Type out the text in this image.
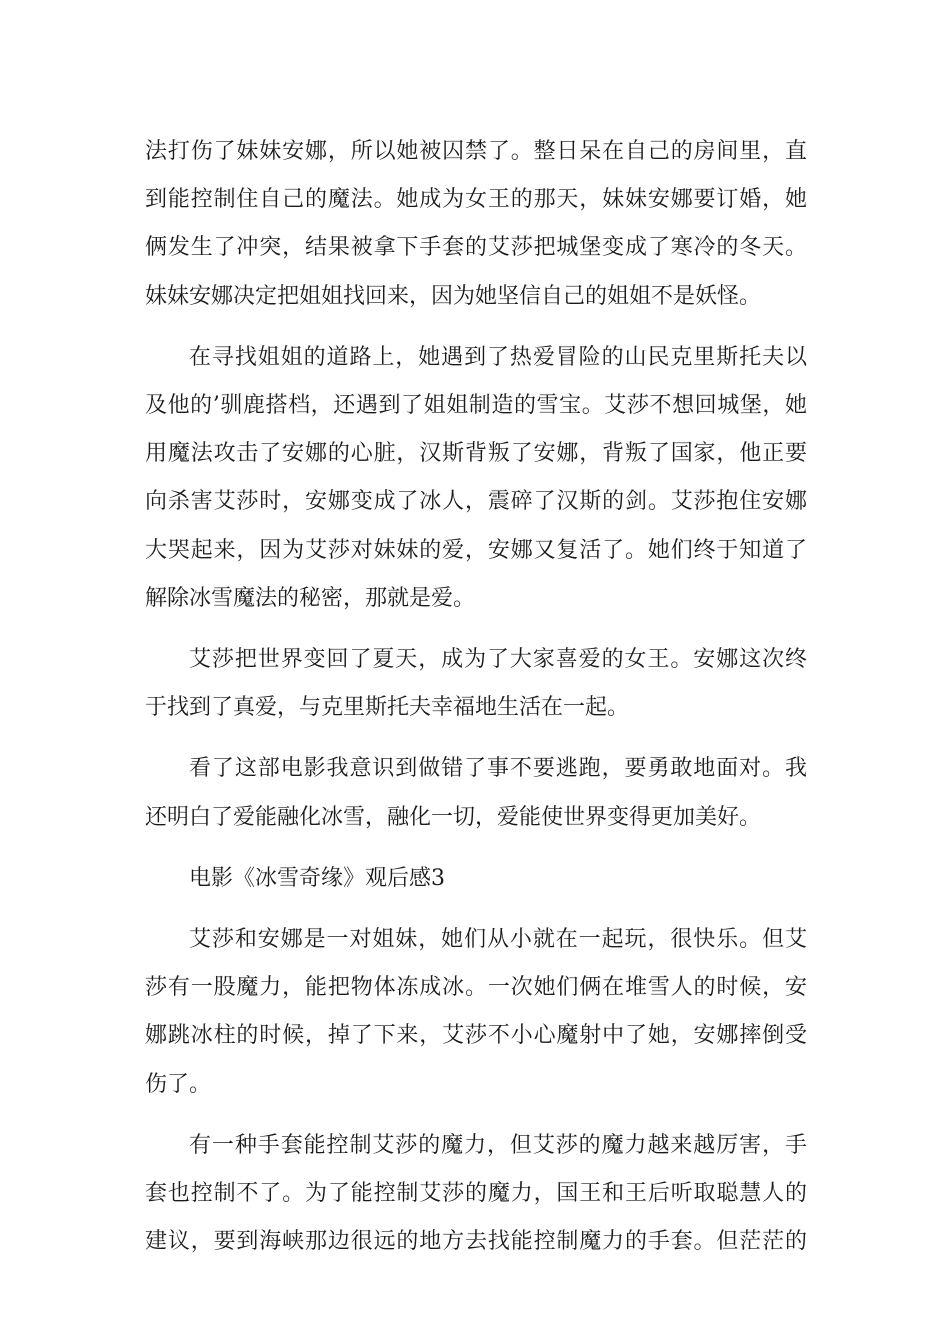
法打伤了妹妹安娜，所以她被囚禁了。整日呆在自己的房间里，直
到能控制住自己的魔法。她成为女王的那天，妹妹安娜要订婚，她
俩发生了冲突，结果被拿下手套的艾莎把城堡变成了寒冷的冬天。
妹妹安娜决定把姐姐找回来，因为她坚信自己的姐姐不是妖怪。
在寻找姐姐的道路上，她遇到了热爱冒险的山民克里斯托夫以
及他的’驯鹿搭档，还遇到了姐姐制造的雪宝。艾莎不想回城堡，她
用魔法攻击了安娜的心脏，汉斯背叛了安娜，背叛了国家，他正要
向杀害艾莎时，安娜变成了冰人，震碎了汉斯的剑。艾莎抱住安娜
大哭起来，因为艾莎对妹妹的爱，安娜又复活了。她们终于知道了
解除冰雪魔法的秘密，那就是爱。
艾莎把世界变回了夏天，成为了大家喜爱的女王。安娜这次终
于找到了真爱，与克里斯托夫幸福地生活在一起。
看了这部电影我意识到做错了事不要逃跑，要勇敢地面对。我
还明白了爱能融化冰雪，融化一切，爱能使世界变得更加美好。
电影《冰雪奇缘》观后感3
艾莎和安娜是一对姐妹，她们从小就在一起玩，很快乐。但艾
莎有一股魔力，能把物体冻成冰。一次她们俩在堆雪人的时候，安
娜跳冰柱的时候，掉了下来，艾莎不小心魔射中了她，安娜摔倒受
伤了。
有一种手套能控制艾莎的魔力，但艾莎的魔力越来越厉害，手
套也控制不了。为了能控制艾莎的魔力，国王和王后听取聪慧人的
建议，要到海峡那边很远的地方去找能控制魔力的手套。但茫茫的
